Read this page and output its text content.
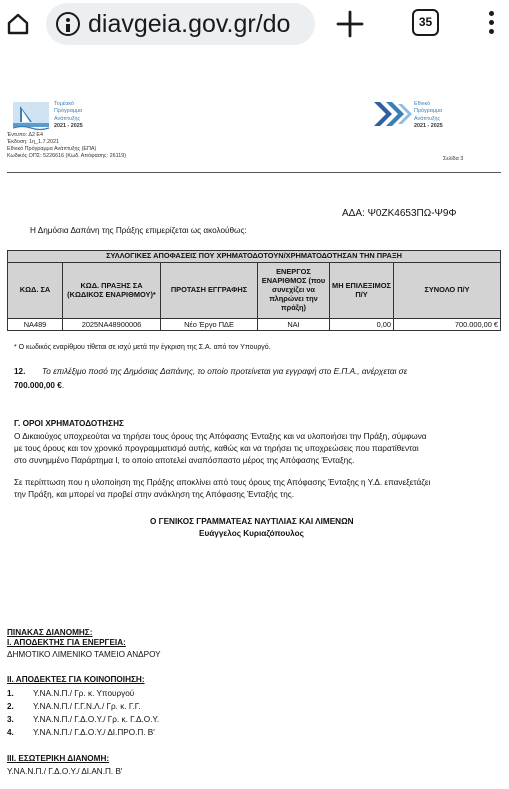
diavgeia.gov.gr/do	35
Τομέακό
Πρόγραμμα
Ανάπτυξης
2021 - 2025
Εθνικό
Πρόγραμμα
Ανάπτυξης
2021 - 2025
Έντυπο: Δ2 Ε4
Έκδοση: 1η_1.7.2021
Εθνικό Πρόγραμμα Ανάπτυξης (ΕΠΑ)
Κωδικός ΟΠΣ: 5226616 (Κωδ. Απόφασης: 26119)	Σελίδα 3
ΑΔΑ: Ψ0ΖΚ4653ΠΩ-Ψ9Φ
Η Δημόσια Δαπάνη της Πράξης επιμερίζεται ως ακολούθως:
ΣΥΛΛΟΓΙΚΕΣ ΑΠΟΦΑΣΕΙΣ ΠΟΥ ΧΡΗΜΑΤΟΔΟΤΟΥΝ/ΧΡΗΜΑΤΟΔΟΤΗΣΑΝ ΤΗΝ ΠΡΑΞΗ					
ΚΩΔ. ΣΑ	ΚΩΔ. ΠΡΑΞΗΣ ΣΑ (ΚΩΔΙΚΟΣ ΕΝΑΡΙΘΜΟΥ)*	ΠΡΟΤΑΣΗ ΕΓΓΡΑΦΗΣ	ΕΝΕΡΓΟΣ ΕΝΑΡΙΘΜΟΣ (που συνεχίζει να πληρώνει την πράξη)	ΜΗ ΕΠΙΛΕΞΙΜΟΣ Π/Υ	ΣΥΝΟΛΟ Π/Υ
ΝΑ489	2025ΝΑ48900006	Νέο Έργο ΠΔΕ	ΝΑΙ	0,00	700.000,00 €
* Ο κωδικός εναρίθμου τίθεται σε ισχύ μετά την έγκριση της Σ.Α. από τον Υπουργό.
12. Το επιλέξιμο ποσό της Δημόσιας Δαπάνης, το οποίο προτείνεται για εγγραφή στο Ε.Π.Α., ανέρχεται σε
700.000,00 €.
Γ. ΟΡΟΙ ΧΡΗΜΑΤΟΔΟΤΗΣΗΣ
Ο Δικαιούχος υποχρεούται να τηρήσει τους όρους της Απόφασης Ένταξης και να υλοποιήσει την Πράξη, σύμφωνα
με τους όρους και τον χρονικό προγραμματισμό αυτής, καθώς και να τηρήσει τις υποχρεώσεις που παρατίθενται
στο συνημμένο Παράρτημα Ι, το οποίο αποτελεί αναπόσπαστο μέρος της Απόφασης Ένταξης.
Σε περίπτωση που η υλοποίηση της Πράξης αποκλίνει από τους όρους της Απόφασης Ένταξης η Υ.Δ. επανεξετάζει
την Πράξη, και μπορεί να προβεί στην ανάκληση της Απόφασης Ένταξής της.
Ο ΓΕΝΙΚΟΣ ΓΡΑΜΜΑΤΕΑΣ ΝΑΥΤΙΛΙΑΣ ΚΑΙ ΛΙΜΕΝΩΝ
Ευάγγελος Κυριαζόπουλος
ΠΙΝΑΚΑΣ ΔΙΑΝΟΜΗΣ:
Ι. ΑΠΟΔΕΚΤΗΣ ΓΙΑ ΕΝΕΡΓΕΙΑ:
ΔΗΜΟΤΙΚΟ ΛΙΜΕΝΙΚΟ ΤΑΜΕΙΟ ΑΝΔΡΟΥ
ΙΙ. ΑΠΟΔΕΚΤΕΣ ΓΙΑ ΚΟΙΝΟΠΟΙΗΣΗ:
1. Υ.ΝΑ.Ν.Π./ Γρ. κ. Υπουργού
2. Υ.ΝΑ.Ν.Π./ Γ.Γ.Ν.Λ./ Γρ. κ. Γ.Γ.
3. Υ.ΝΑ.Ν.Π./ Γ.Δ.Ο.Υ./ Γρ. κ. Γ.Δ.Ο.Υ.
4. Υ.ΝΑ.Ν.Π./ Γ.Δ.Ο.Υ./ ΔΙ.ΠΡΟ.Π. Β'
ΙΙΙ. ΕΣΩΤΕΡΙΚΗ ΔΙΑΝΟΜΗ:
Υ.ΝΑ.Ν.Π./ Γ.Δ.Ο.Υ./ ΔΙ.ΑΝ.Π. Β'
